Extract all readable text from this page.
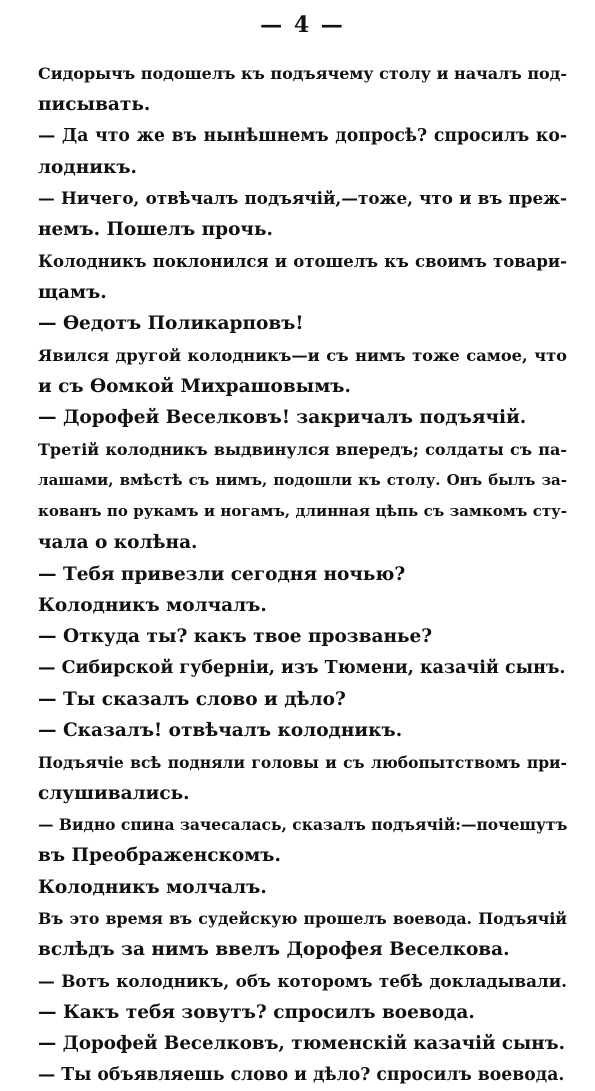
— 4 —
Сидорычъ подошелъ къ подъячему столу и началъ под-
писывать.
— Да что же въ нынѣшнемъ допросѣ? спросилъ ко-
лодникъ.
— Ничего, отвѣчалъ подъячій,—тоже, что и въ преж-
немъ. Пошелъ прочь.
Колодникъ поклонился и отошелъ къ своимъ товари-
щамъ.
— Ѳедотъ Поликарповъ!
Явился другой колодникъ—и съ нимъ тоже самое, что
и съ Ѳомкой Михрашовымъ.
— Дорофей Веселковъ! закричалъ подъячій.
Третій колодникъ выдвинулся впередъ; солдаты съ па-
лашами, вмѣстѣ съ нимъ, подошли къ столу. Онъ былъ за-
кованъ по рукамъ и ногамъ, длинная цѣпь съ замкомъ сту-
чала о колѣна.
— Тебя привезли сегодня ночью?
Колодникъ молчалъ.
— Откуда ты? какъ твое прозванье?
— Сибирской губерніи, изъ Тюмени, казачій сынъ.
— Ты сказалъ слово и дѣло?
— Сказалъ! отвѣчалъ колодникъ.
Подъячіе всѣ подняли головы и съ любопытствомъ при-
слушивались.
— Видно спина зачесалась, сказалъ подъячій:—почешутъ
въ Преображенскомъ.
Колодникъ молчалъ.
Въ это время въ судейскую прошелъ воевода. Подъячій
вслѣдъ за нимъ ввелъ Дорофея Веселкова.
— Вотъ колодникъ, объ которомъ тебѣ докладывали.
— Какъ тебя зовутъ? спросилъ воевода.
— Дорофей Веселковъ, тюменскій казачій сынъ.
— Ты объявляешь слово и дѣло? спросилъ воевода.
